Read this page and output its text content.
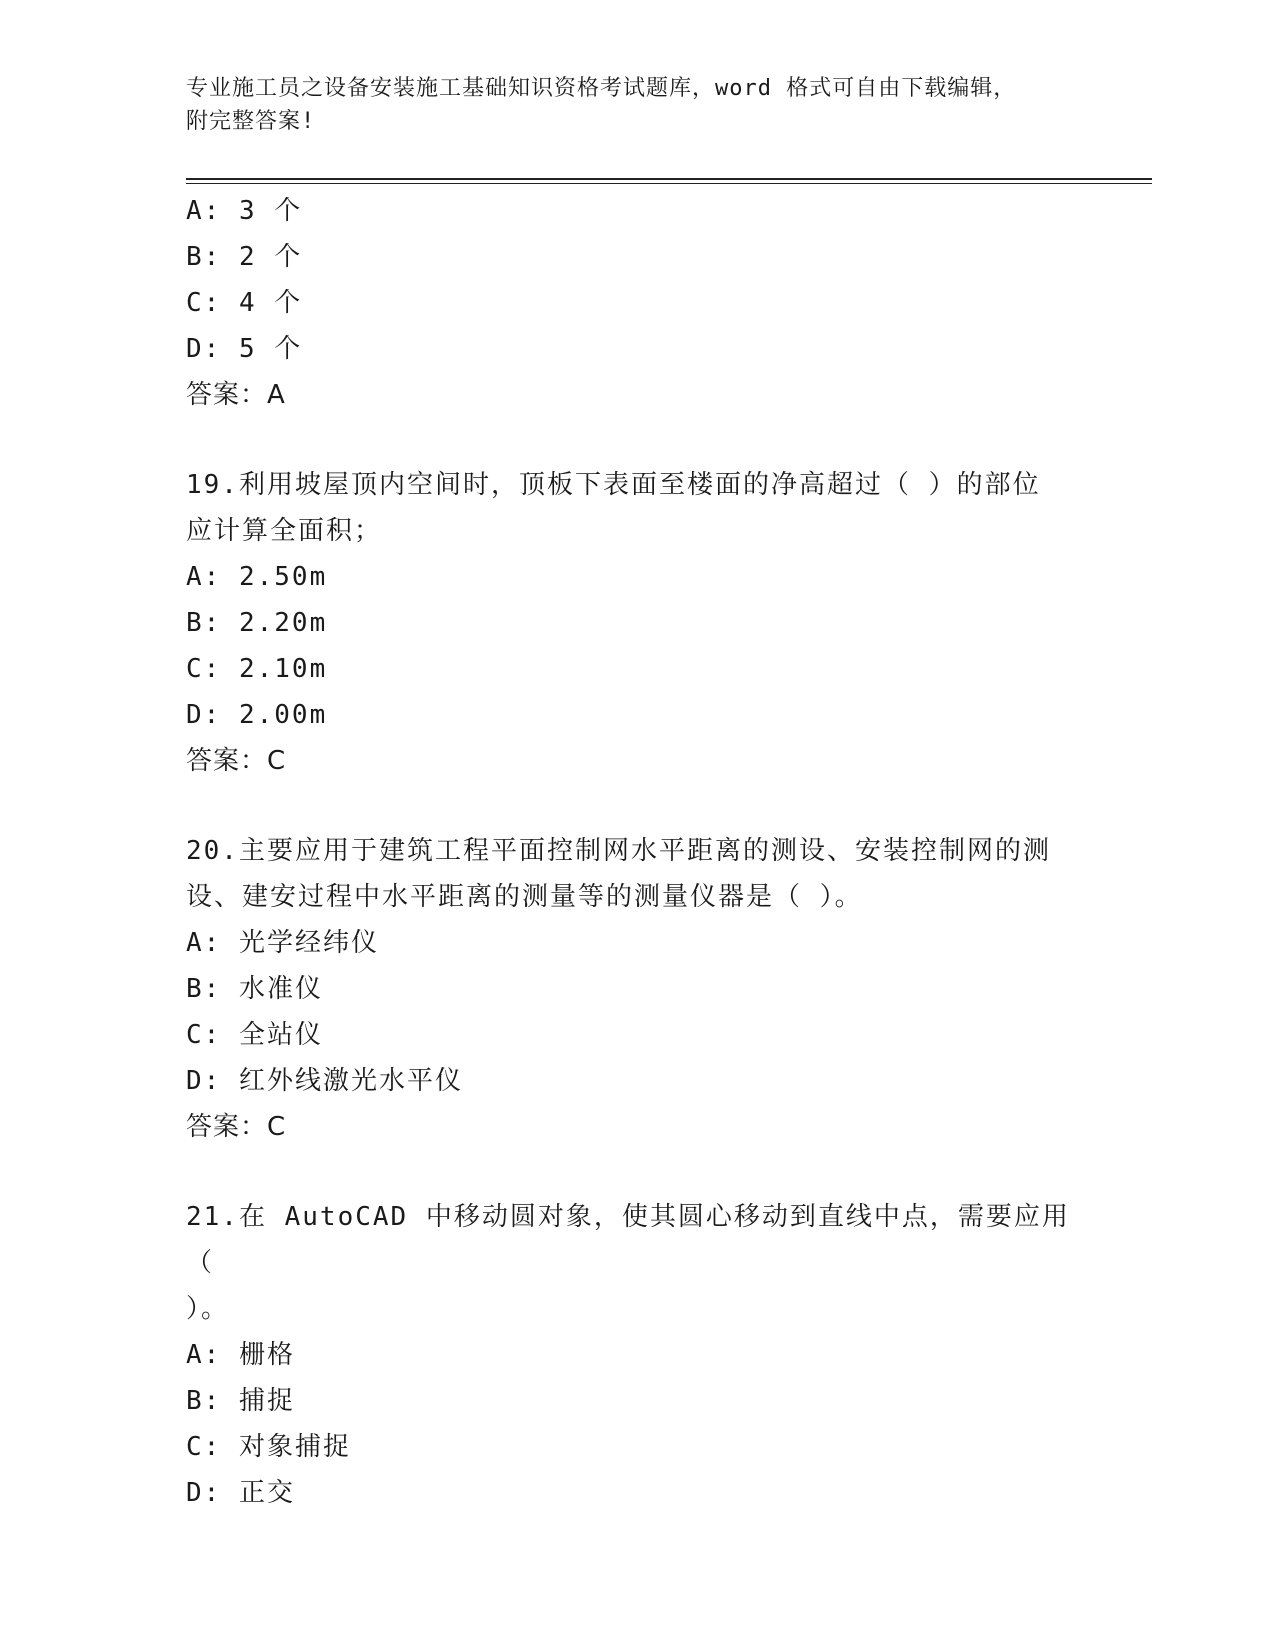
专业施工员之设备安装施工基础知识资格考试题库，word 格式可自由下载编辑，
附完整答案!
A: 3 个
B: 2 个
C: 4 个
D: 5 个
答案：A
19.利用坡屋顶内空间时，顶板下表面至楼面的净高超过（ ）的部位
应计算全面积；
A: 2.50m
B: 2.20m
C: 2.10m
D: 2.00m
答案：C
20.主要应用于建筑工程平面控制网水平距离的测设、安装控制网的测
设、建安过程中水平距离的测量等的测量仪器是（ ）。
A: 光学经纬仪
B: 水准仪
C: 全站仪
D: 红外线激光水平仪
答案：C
21.在 AutoCAD 中移动圆对象，使其圆心移动到直线中点，需要应用（
）。
A: 栅格
B: 捕捉
C: 对象捕捉
D: 正交
